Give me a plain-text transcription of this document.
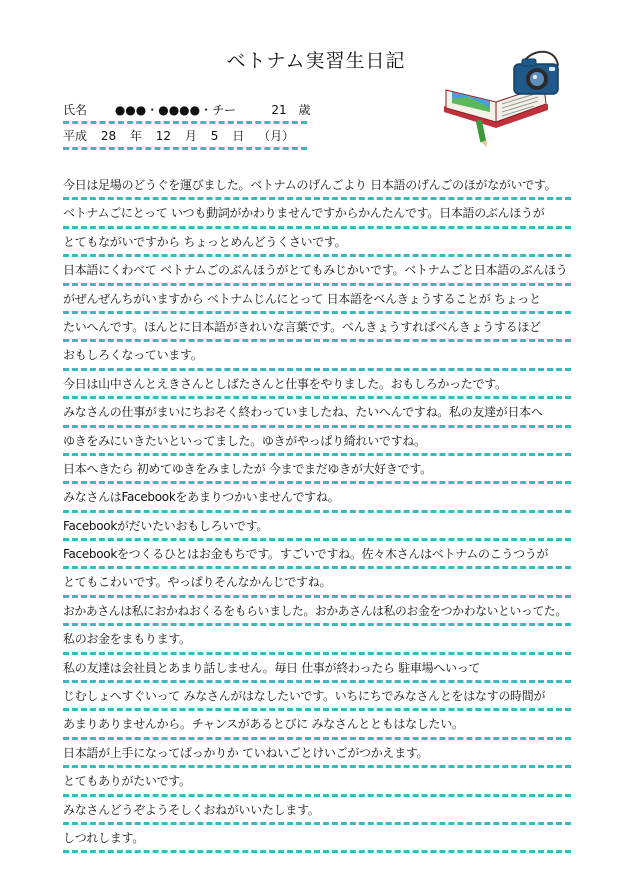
ベトナム実習生日記
氏名 ●●●・●●●●・チー	21 歳
平成 28 年 12 月 5 日 （月）
今日は足場のどうぐを運びました。ベトナムのげんごより 日本語のげんごのほがながいです。
ベトナムごにとって いつも動詞がかわりませんですからかんたんです。日本語のぶんほうが
とてもながいですから ちょっとめんどうくさいです。
日本語にくわべて ベトナムごのぶんほうがとてもみじかいです。ベトナムごと日本語のぶんほう
がぜんぜんちがいますから ベトナムじんにとって 日本語をべんきょうすることが ちょっと
たいへんです。ほんとに日本語がきれいな言葉です。べんきょうすればべんきょうするほど
おもしろくなっています。
今日は山中さんとえきさんとしばたさんと仕事をやりました。おもしろかったです。
みなさんの仕事がまいにちおそく終わっていましたね、たいへんですね。私の友達が日本へ
ゆきをみにいきたいといってました。ゆきがやっぱり綺れいですね。
日本へきたら 初めてゆきをみましたが 今までまだゆきが大好きです。
みなさんはFacebookをあまりつかいませんですね。
Facebookがだいたいおもしろいです。
Facebookをつくるひとはお金もちです。すごいですね。佐々木さんはベトナムのこうつうが
とてもこわいです。やっぱりそんなかんじですね。
おかあさんは私におかねおくるをもらいました。おかあさんは私のお金をつかわないといってた。
私のお金をまもります。
私の友達は会社員とあまり話しません。毎日 仕事が終わったら 駐車場へいって
じむしょへすぐいって みなさんがはなしたいです。いちにちでみなさんとをはなすの時間が
あまりありませんから。チャンスがあるとびに みなさんとともはなしたい。
日本語が上手になってばっかりか ていねいごとけいごがつかえます。
とてもありがたいです。
みなさんどうぞようそしくおねがいいたします。
しつれします。
